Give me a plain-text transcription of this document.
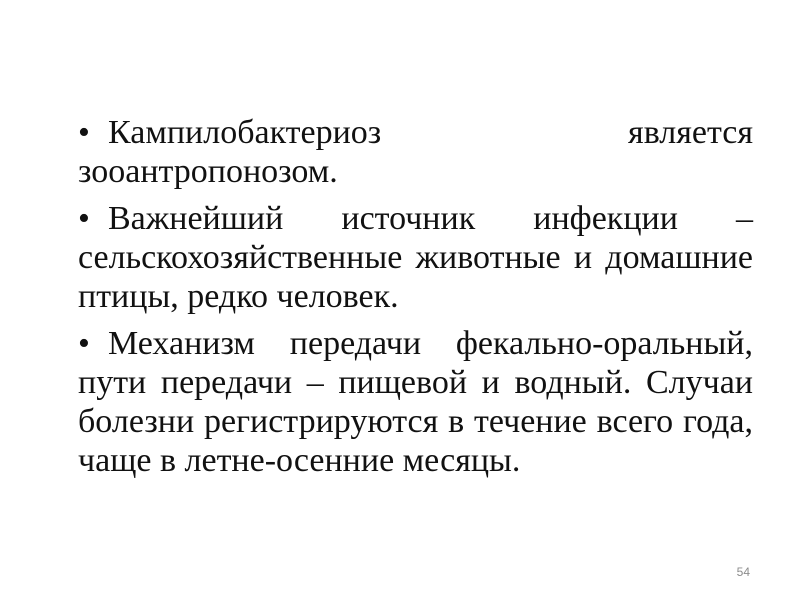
• Кампилобактериоз является зооантропонозом.

• Важнейший источник инфекции – сельскохозяйственные животные и домашние птицы, редко человек.

• Механизм передачи фекально-оральный, пути передачи – пищевой и водный. Случаи болезни регистрируются в течение всего года, чаще в летне-осенние месяцы.

54
